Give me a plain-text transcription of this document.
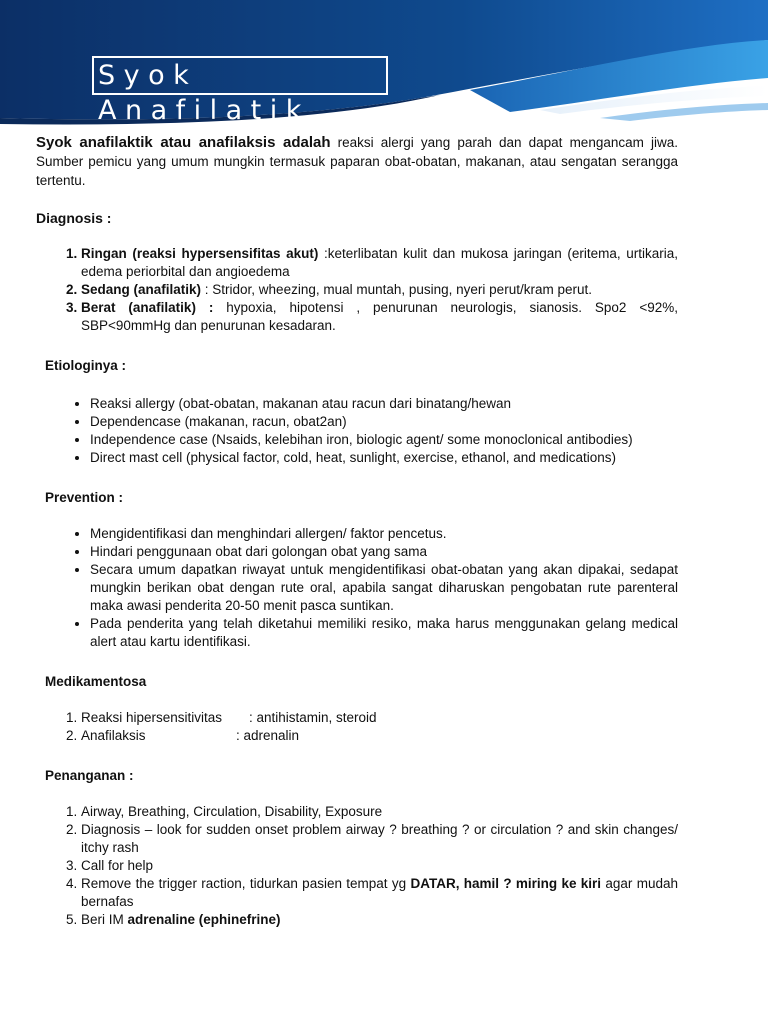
Syok Anafilatik

Syok anafilaktik atau anafilaksis adalah reaksi alergi yang parah dan dapat mengancam jiwa. Sumber pemicu yang umum mungkin termasuk paparan obat-obatan, makanan, atau sengatan serangga tertentu.

Diagnosis :

1. Ringan (reaksi hypersensifitas akut) :keterlibatan kulit dan mukosa jaringan (eritema, urtikaria, edema periorbital dan angioedema
2. Sedang (anafilatik) : Stridor, wheezing, mual muntah, pusing, nyeri perut/kram perut.
3. Berat (anafilatik) : hypoxia, hipotensi , penurunan neurologis, sianosis. Spo2 <92%, SBP<90mmHg dan penurunan kesadaran.

Etiologinya :

• Reaksi allergy (obat-obatan, makanan atau racun dari binatang/hewan
• Dependencase (makanan, racun, obat2an)
• Independence case (Nsaids, kelebihan iron, biologic agent/ some monoclonical antibodies)
• Direct mast cell (physical factor, cold, heat, sunlight, exercise, ethanol, and medications)

Prevention :

• Mengidentifikasi dan menghindari allergen/ faktor pencetus.
• Hindari penggunaan obat dari golongan obat yang sama
• Secara umum dapatkan riwayat untuk mengidentifikasi obat-obatan yang akan dipakai, sedapat mungkin berikan obat dengan rute oral, apabila sangat diharuskan pengobatan rute parenteral maka awasi penderita 20-50 menit pasca suntikan.
• Pada penderita yang telah diketahui memiliki resiko, maka harus menggunakan gelang medical alert atau kartu identifikasi.

Medikamentosa

1. Reaksi hipersensitivitas : antihistamin, steroid
2. Anafilaksis	: adrenalin

Penanganan :

1. Airway, Breathing, Circulation, Disability, Exposure
2. Diagnosis – look for sudden onset problem airway ? breathing ? or circulation ? and skin changes/ itchy rash
3. Call for help
4. Remove the trigger raction, tidurkan pasien tempat yg DATAR, hamil ? miring ke kiri agar mudah bernafas
5. Beri IM adrenaline (ephinefrine)
